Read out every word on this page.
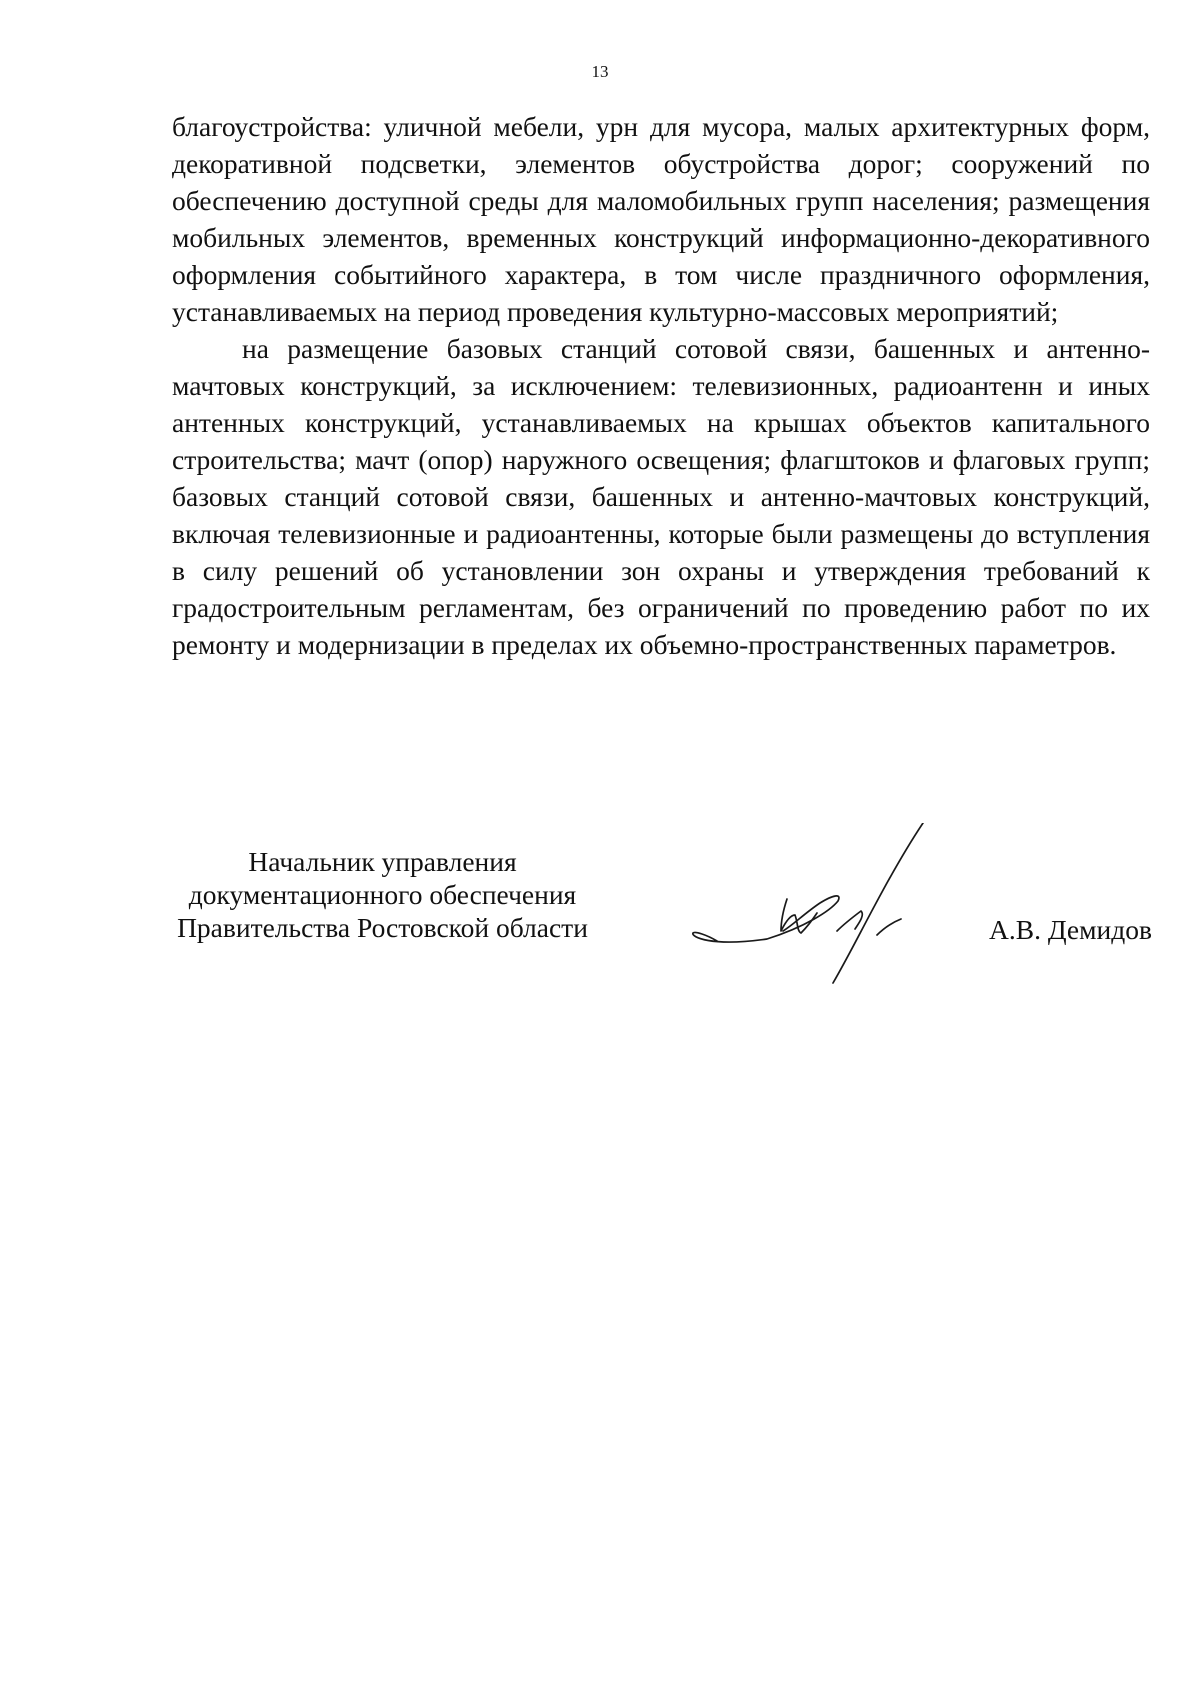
13

благоустройства: уличной мебели, урн для мусора, малых архитектурных форм, декоративной подсветки, элементов обустройства дорог; сооружений по обеспечению доступной среды для маломобильных групп населения; размещения мобильных элементов, временных конструкций информационно-декоративного оформления событийного характера, в том числе праздничного оформления, устанавливаемых на период проведения культурно-массовых мероприятий;

на размещение базовых станций сотовой связи, башенных и антенно-мачтовых конструкций, за исключением: телевизионных, радиоантенн и иных антенных конструкций, устанавливаемых на крышах объектов капитального строительства; мачт (опор) наружного освещения; флагштоков и флаговых групп; базовых станций сотовой связи, башенных и антенно-мачтовых конструкций, включая телевизионные и радиоантенны, которые были размещены до вступления в силу решений об установлении зон охраны и утверждения требований к градостроительным регламентам, без ограничений по проведению работ по их ремонту и модернизации в пределах их объемно-пространственных параметров.

Начальник управления
документационного обеспечения
Правительства Ростовской области	А.В. Демидов
